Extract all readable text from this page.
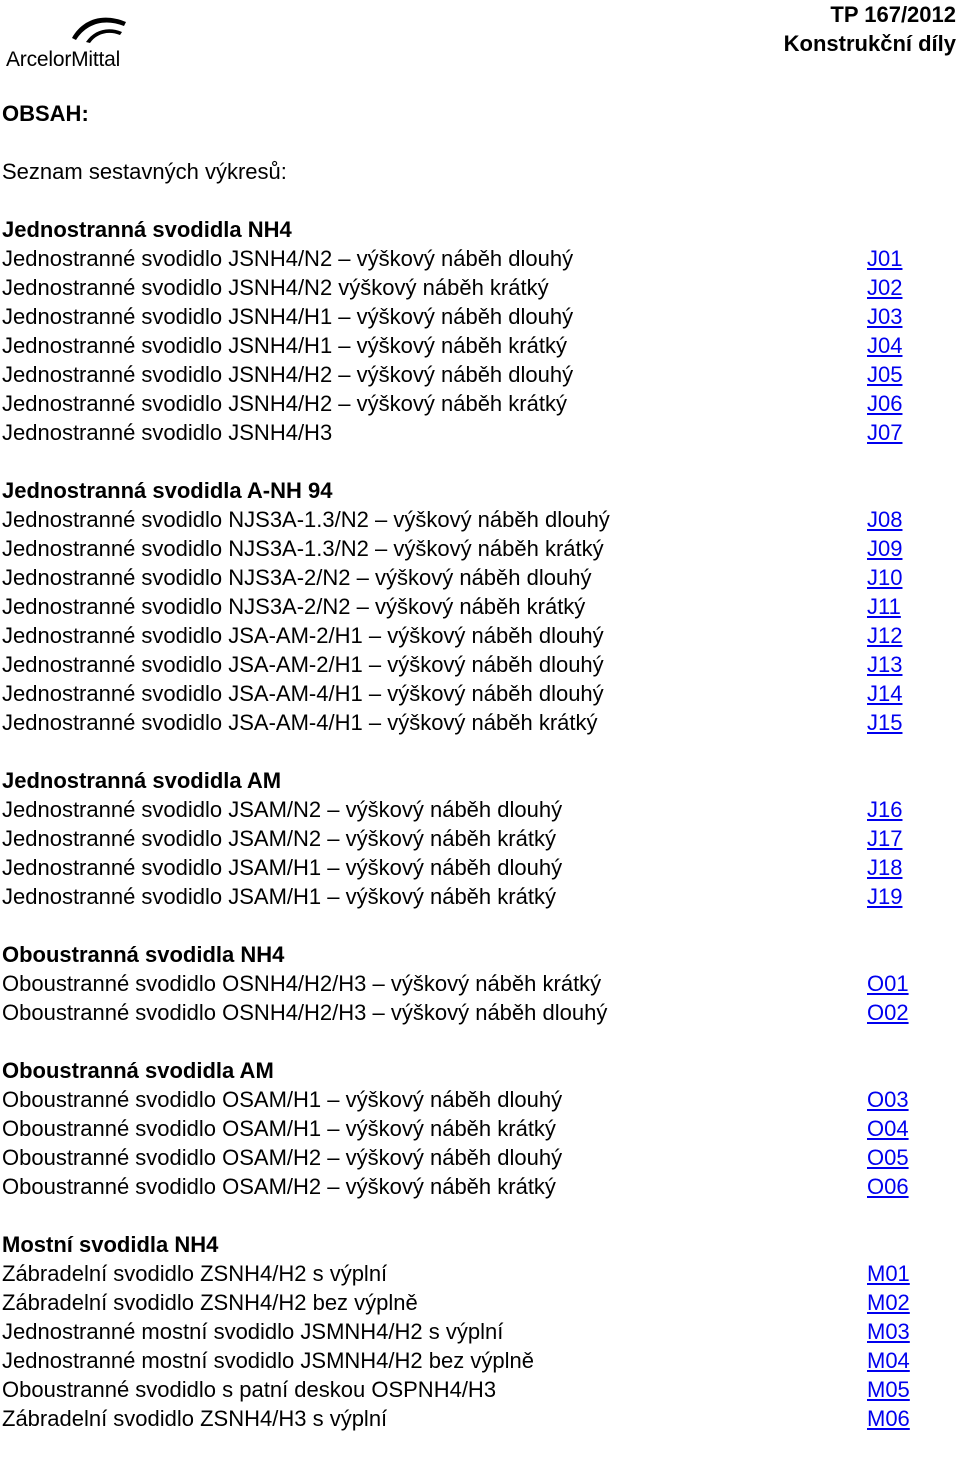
ArcelorMittal
TP 167/2012
Konstrukční díly
OBSAH:
Seznam sestavných výkresů:
Jednostranná svodidla NH4
Jednostranné svodidlo JSNH4/N2 – výškový náběh dlouhý	J01
Jednostranné svodidlo JSNH4/N2 výškový náběh krátký	J02
Jednostranné svodidlo JSNH4/H1 – výškový náběh dlouhý	J03
Jednostranné svodidlo JSNH4/H1 – výškový náběh krátký	J04
Jednostranné svodidlo JSNH4/H2 – výškový náběh dlouhý	J05
Jednostranné svodidlo JSNH4/H2 – výškový náběh krátký	J06
Jednostranné svodidlo JSNH4/H3	J07
Jednostranná svodidla A-NH 94
Jednostranné svodidlo NJS3A-1.3/N2 – výškový náběh dlouhý	J08
Jednostranné svodidlo NJS3A-1.3/N2 – výškový náběh krátký	J09
Jednostranné svodidlo NJS3A-2/N2 – výškový náběh dlouhý	J10
Jednostranné svodidlo NJS3A-2/N2 – výškový náběh krátký	J11
Jednostranné svodidlo JSA-AM-2/H1 – výškový náběh dlouhý	J12
Jednostranné svodidlo JSA-AM-2/H1 – výškový náběh dlouhý	J13
Jednostranné svodidlo JSA-AM-4/H1 – výškový náběh dlouhý	J14
Jednostranné svodidlo JSA-AM-4/H1 – výškový náběh krátký	J15
Jednostranná svodidla AM
Jednostranné svodidlo JSAM/N2 – výškový náběh dlouhý	J16
Jednostranné svodidlo JSAM/N2 – výškový náběh krátký	J17
Jednostranné svodidlo JSAM/H1 – výškový náběh dlouhý	J18
Jednostranné svodidlo JSAM/H1 – výškový náběh krátký	J19
Oboustranná svodidla NH4
Oboustranné svodidlo OSNH4/H2/H3 – výškový náběh krátký	O01
Oboustranné svodidlo OSNH4/H2/H3 – výškový náběh dlouhý	O02
Oboustranná svodidla AM
Oboustranné svodidlo OSAM/H1 – výškový náběh dlouhý	O03
Oboustranné svodidlo OSAM/H1 – výškový náběh krátký	O04
Oboustranné svodidlo OSAM/H2 – výškový náběh dlouhý	O05
Oboustranné svodidlo OSAM/H2 – výškový náběh krátký	O06
Mostní svodidla NH4
Zábradelní svodidlo ZSNH4/H2 s výplní	M01
Zábradelní svodidlo ZSNH4/H2 bez výplně	M02
Jednostranné mostní svodidlo JSMNH4/H2 s výplní	M03
Jednostranné mostní svodidlo JSMNH4/H2 bez výplně	M04
Oboustranné svodidlo s patní deskou OSPNH4/H3	M05
Zábradelní svodidlo ZSNH4/H3 s výplní	M06
